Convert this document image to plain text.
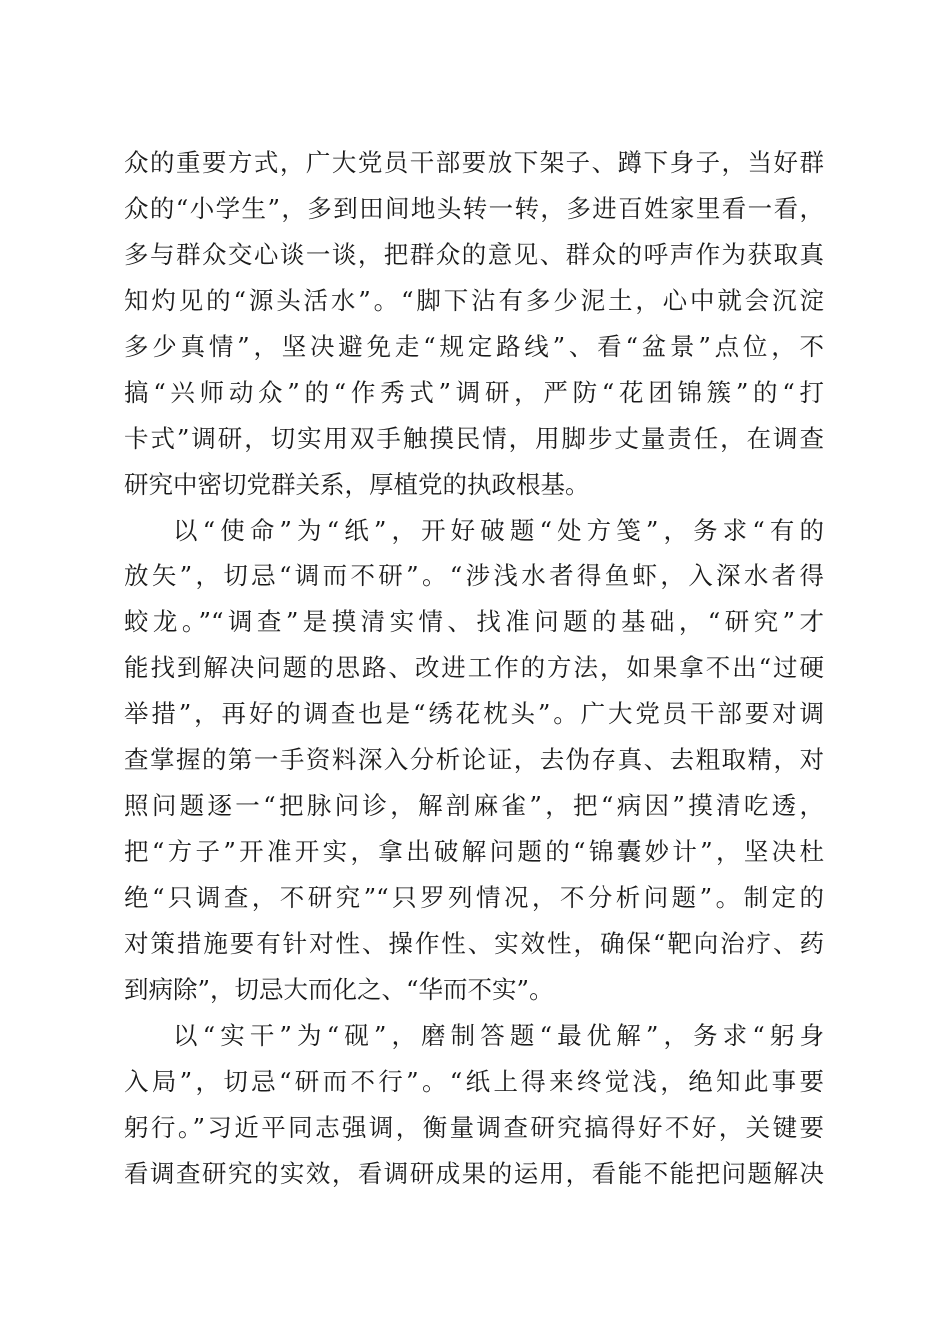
众的重要方式，广大党员干部要放下架子、蹲下身子，当好群
众的“小学生”，多到田间地头转一转，多进百姓家里看一看，
多与群众交心谈一谈，把群众的意见、群众的呼声作为获取真
知灼见的“源头活水”。“脚下沾有多少泥土，心中就会沉淀
多少真情”，坚决避免走“规定路线”、看“盆景”点位，不
搞“兴师动众”的“作秀式”调研，严防“花团锦簇”的“打
卡式”调研，切实用双手触摸民情，用脚步丈量责任，在调查
研究中密切党群关系，厚植党的执政根基。
以“使命”为“纸”，开好破题“处方笺”，务求“有的
放矢”，切忌“调而不研”。“涉浅水者得鱼虾，入深水者得
蛟龙。”“调查”是摸清实情、找准问题的基础，“研究”才
能找到解决问题的思路、改进工作的方法，如果拿不出“过硬
举措”，再好的调查也是“绣花枕头”。广大党员干部要对调
查掌握的第一手资料深入分析论证，去伪存真、去粗取精，对
照问题逐一“把脉问诊，解剖麻雀”，把“病因”摸清吃透，
把“方子”开准开实，拿出破解问题的“锦囊妙计”，坚决杜
绝“只调查，不研究”“只罗列情况，不分析问题”。制定的
对策措施要有针对性、操作性、实效性，确保“靶向治疗、药
到病除”，切忌大而化之、“华而不实”。
以“实干”为“砚”，磨制答题“最优解”，务求“躬身
入局”，切忌“研而不行”。“纸上得来终觉浅，绝知此事要
躬行。”习近平同志强调，衡量调查研究搞得好不好，关键要
看调查研究的实效，看调研成果的运用，看能不能把问题解决
